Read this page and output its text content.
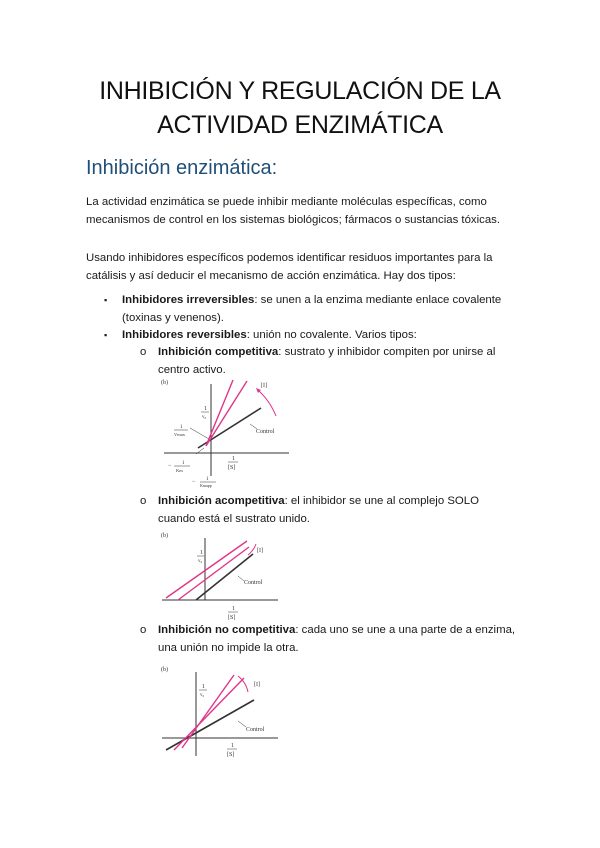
INHIBICIÓN Y REGULACIÓN DE LA
ACTIVIDAD ENZIMÁTICA
Inhibición enzimática:
La actividad enzimática se puede inhibir mediante moléculas específicas, como mecanismos de control en los sistemas biológicos; fármacos o sustancias tóxicas.
Usando inhibidores específicos podemos identificar residuos importantes para la catálisis y así deducir el mecanismo de acción enzimática. Hay dos tipos:
▪ Inhibidores irreversibles: se unen a la enzima mediante enlace covalente (toxinas y venenos).
▪ Inhibidores reversibles: unión no covalente. Varios tipos:
o Inhibición competitiva: sustrato y inhibidor compiten por unirse al centro activo.
(b)
1
v₀
1
[S]
1
Vmax
1
Km
−
1
Kmapp
−
[I]
Control
o Inhibición acompetitiva: el inhibidor se une al complejo SOLO cuando está el sustrato unido.
(b)
1
v₀
1
[S]
[I]
Control
o Inhibición no competitiva: cada uno se une a una parte de a enzima, una unión no impide la otra.
(b)
1
v₀
1
[S]
[I]
Control
